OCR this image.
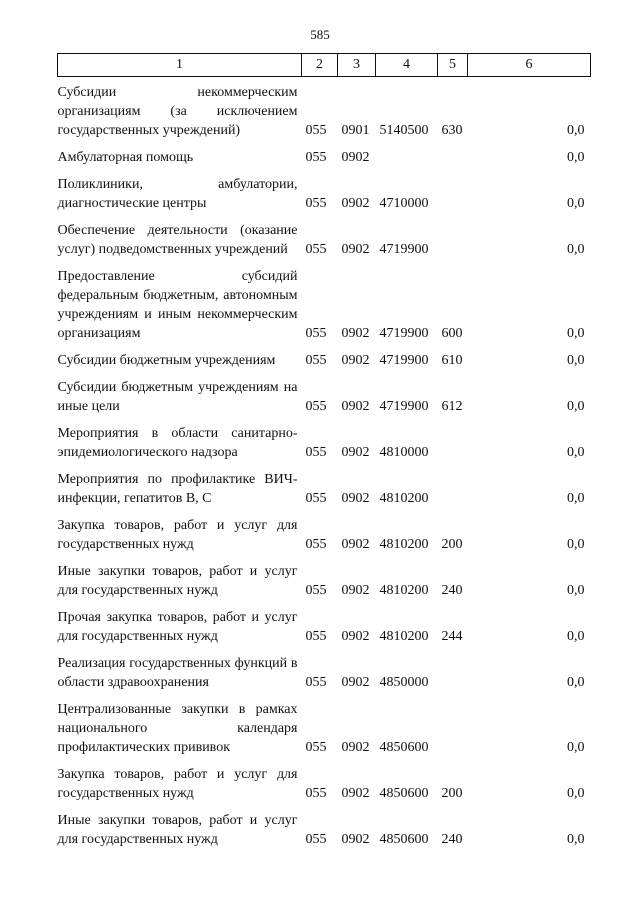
585
1	2	3	4	5	6
Субсидии некоммерческим организациям (за исключением государственных учреждений)	055	0901	5140500	630	0,0
Амбулаторная помощь	055	0902			0,0
Поликлиники, амбулатории, диагностические центры	055	0902	4710000		0,0
Обеспечение деятельности (оказание услуг) подведомственных учреждений	055	0902	4719900		0,0
Предоставление субсидий федеральным бюджетным, автономным учреждениям и иным некоммерческим организациям	055	0902	4719900	600	0,0
Субсидии бюджетным учреждениям	055	0902	4719900	610	0,0
Субсидии бюджетным учреждениям на иные цели	055	0902	4719900	612	0,0
Мероприятия в области санитарно-эпидемиологического надзора	055	0902	4810000		0,0
Мероприятия по профилактике ВИЧ-инфекции, гепатитов В, С	055	0902	4810200		0,0
Закупка товаров, работ и услуг для государственных нужд	055	0902	4810200	200	0,0
Иные закупки товаров, работ и услуг для государственных нужд	055	0902	4810200	240	0,0
Прочая закупка товаров, работ и услуг для государственных нужд	055	0902	4810200	244	0,0
Реализация государственных функций в области здравоохранения	055	0902	4850000		0,0
Централизованные закупки в рамках национального календаря профилактических прививок	055	0902	4850600		0,0
Закупка товаров, работ и услуг для государственных нужд	055	0902	4850600	200	0,0
Иные закупки товаров, работ и услуг для государственных нужд	055	0902	4850600	240	0,0
